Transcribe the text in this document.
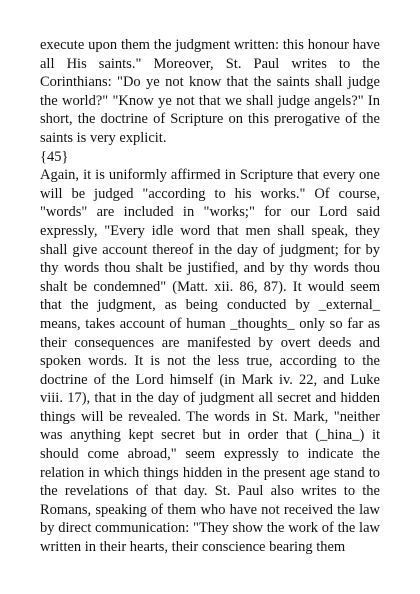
execute upon them the judgment written: this honour have all His saints." Moreover, St. Paul writes to the Corinthians: "Do ye not know that the saints shall judge the world?" "Know ye not that we shall judge angels?" In short, the doctrine of Scripture on this prerogative of the saints is very explicit.

{45}

Again, it is uniformly affirmed in Scripture that every one will be judged "according to his works." Of course, "words" are included in "works;" for our Lord said expressly, "Every idle word that men shall speak, they shall give account thereof in the day of judgment; for by thy words thou shalt be justified, and by thy words thou shalt be condemned" (Matt. xii. 86, 87). It would seem that the judgment, as being conducted by _external_ means, takes account of human _thoughts_ only so far as their consequences are manifested by overt deeds and spoken words. It is not the less true, according to the doctrine of the Lord himself (in Mark iv. 22, and Luke viii. 17), that in the day of judgment all secret and hidden things will be revealed. The words in St. Mark, "neither was anything kept secret but in order that (_hina_) it should come abroad," seem expressly to indicate the relation in which things hidden in the present age stand to the revelations of that day. St. Paul also writes to the Romans, speaking of them who have not received the law by direct communication: "They show the work of the law written in their hearts, their conscience bearing them
